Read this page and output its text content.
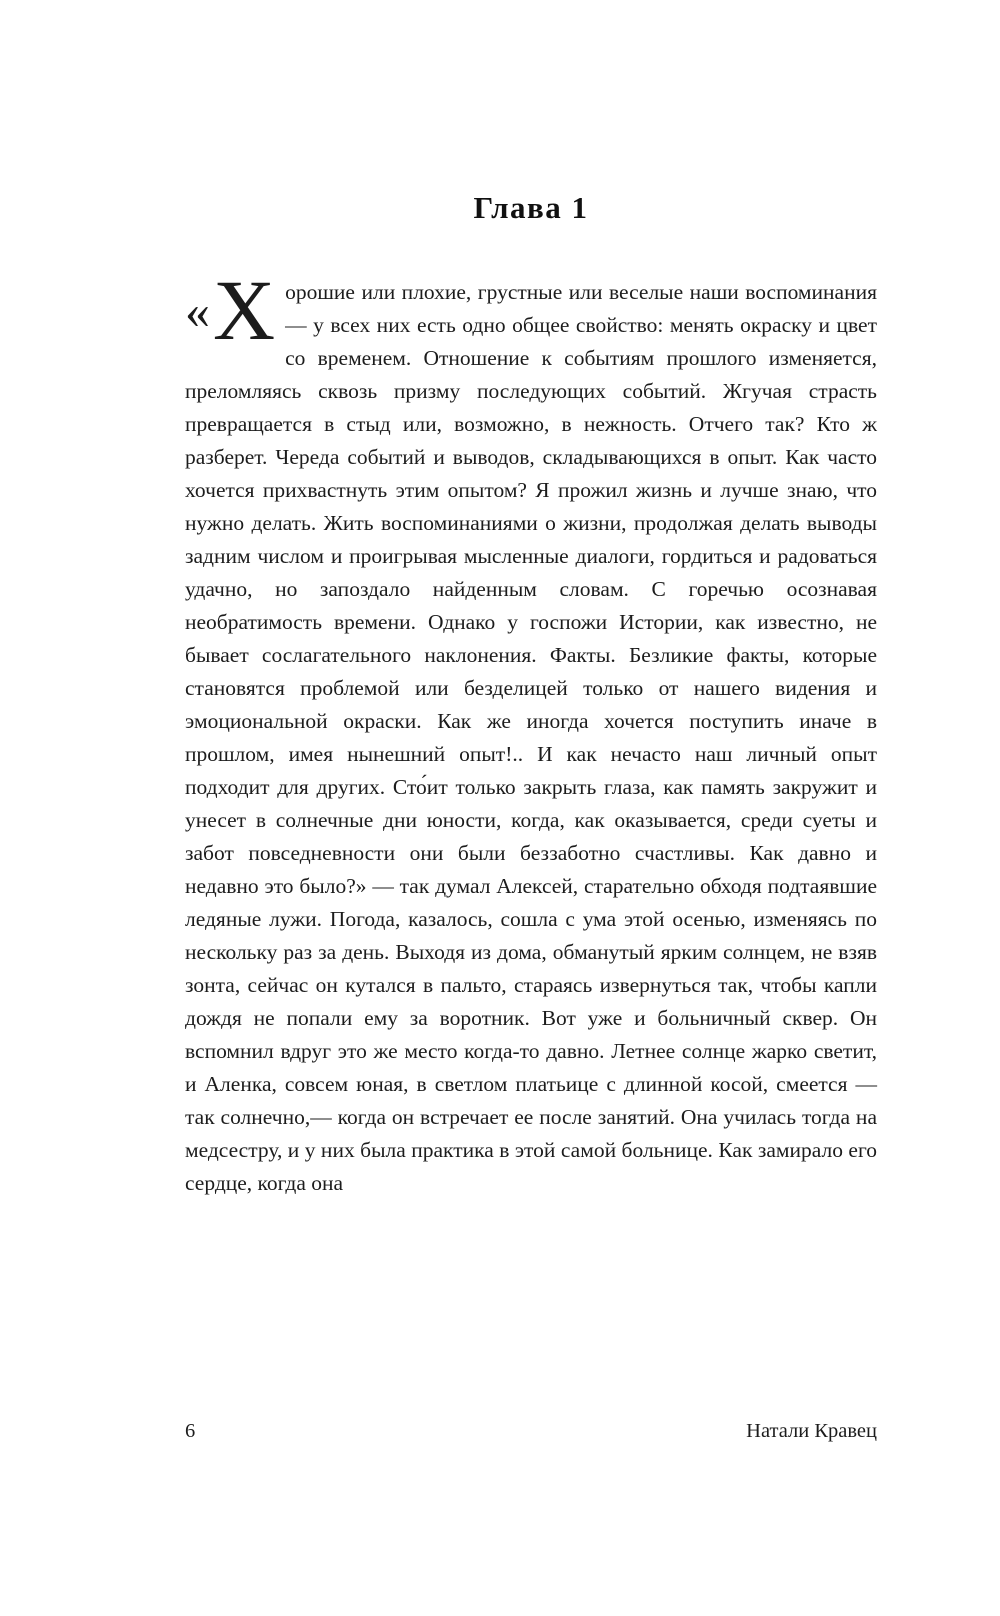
Глава 1
« Х орошие или плохие, грустные или веселые наши воспоминания — у всех них есть одно общее свойство: менять окраску и цвет со временем. Отношение к событиям прошлого изменяется, преломляясь сквозь призму последующих событий. Жгучая страсть превращается в стыд или, возможно, в нежность. Отчего так? Кто ж разберет. Череда событий и выводов, складывающихся в опыт. Как часто хочется прихвастнуть этим опытом? Я прожил жизнь и лучше знаю, что нужно делать. Жить воспоминаниями о жизни, продолжая делать выводы задним числом и проигрывая мысленные диалоги, гордиться и радоваться удачно, но запоздало найденным словам. С горечью осознавая необратимость времени. Однако у госпожи Истории, как известно, не бывает сослагательного наклонения. Факты. Безликие факты, которые становятся проблемой или безделицей только от нашего видения и эмоциональной окраски. Как же иногда хочется поступить иначе в прошлом, имея нынешний опыт!.. И как нечасто наш личный опыт подходит для других. Сто́ит только закрыть глаза, как память закружит и унесет в солнечные дни юности, когда, как оказывается, среди суеты и забот повседневности они были беззаботно счастливы. Как давно и недавно это было?» — так думал Алексей, старательно обходя подтаявшие ледяные лужи. Погода, казалось, сошла с ума этой осенью, изменяясь по нескольку раз за день. Выходя из дома, обманутый ярким солнцем, не взяв зонта, сейчас он кутался в пальто, стараясь извернуться так, чтобы капли дождя не попали ему за воротник. Вот уже и больничный сквер. Он вспомнил вдруг это же место когда-то давно. Летнее солнце жарко светит, и Аленка, совсем юная, в светлом платьице с длинной косой, смеется — так солнечно,— когда он встречает ее после занятий. Она училась тогда на медсестру, и у них была практика в этой самой больнице. Как замирало его сердце, когда она
6	Натали Кравец
